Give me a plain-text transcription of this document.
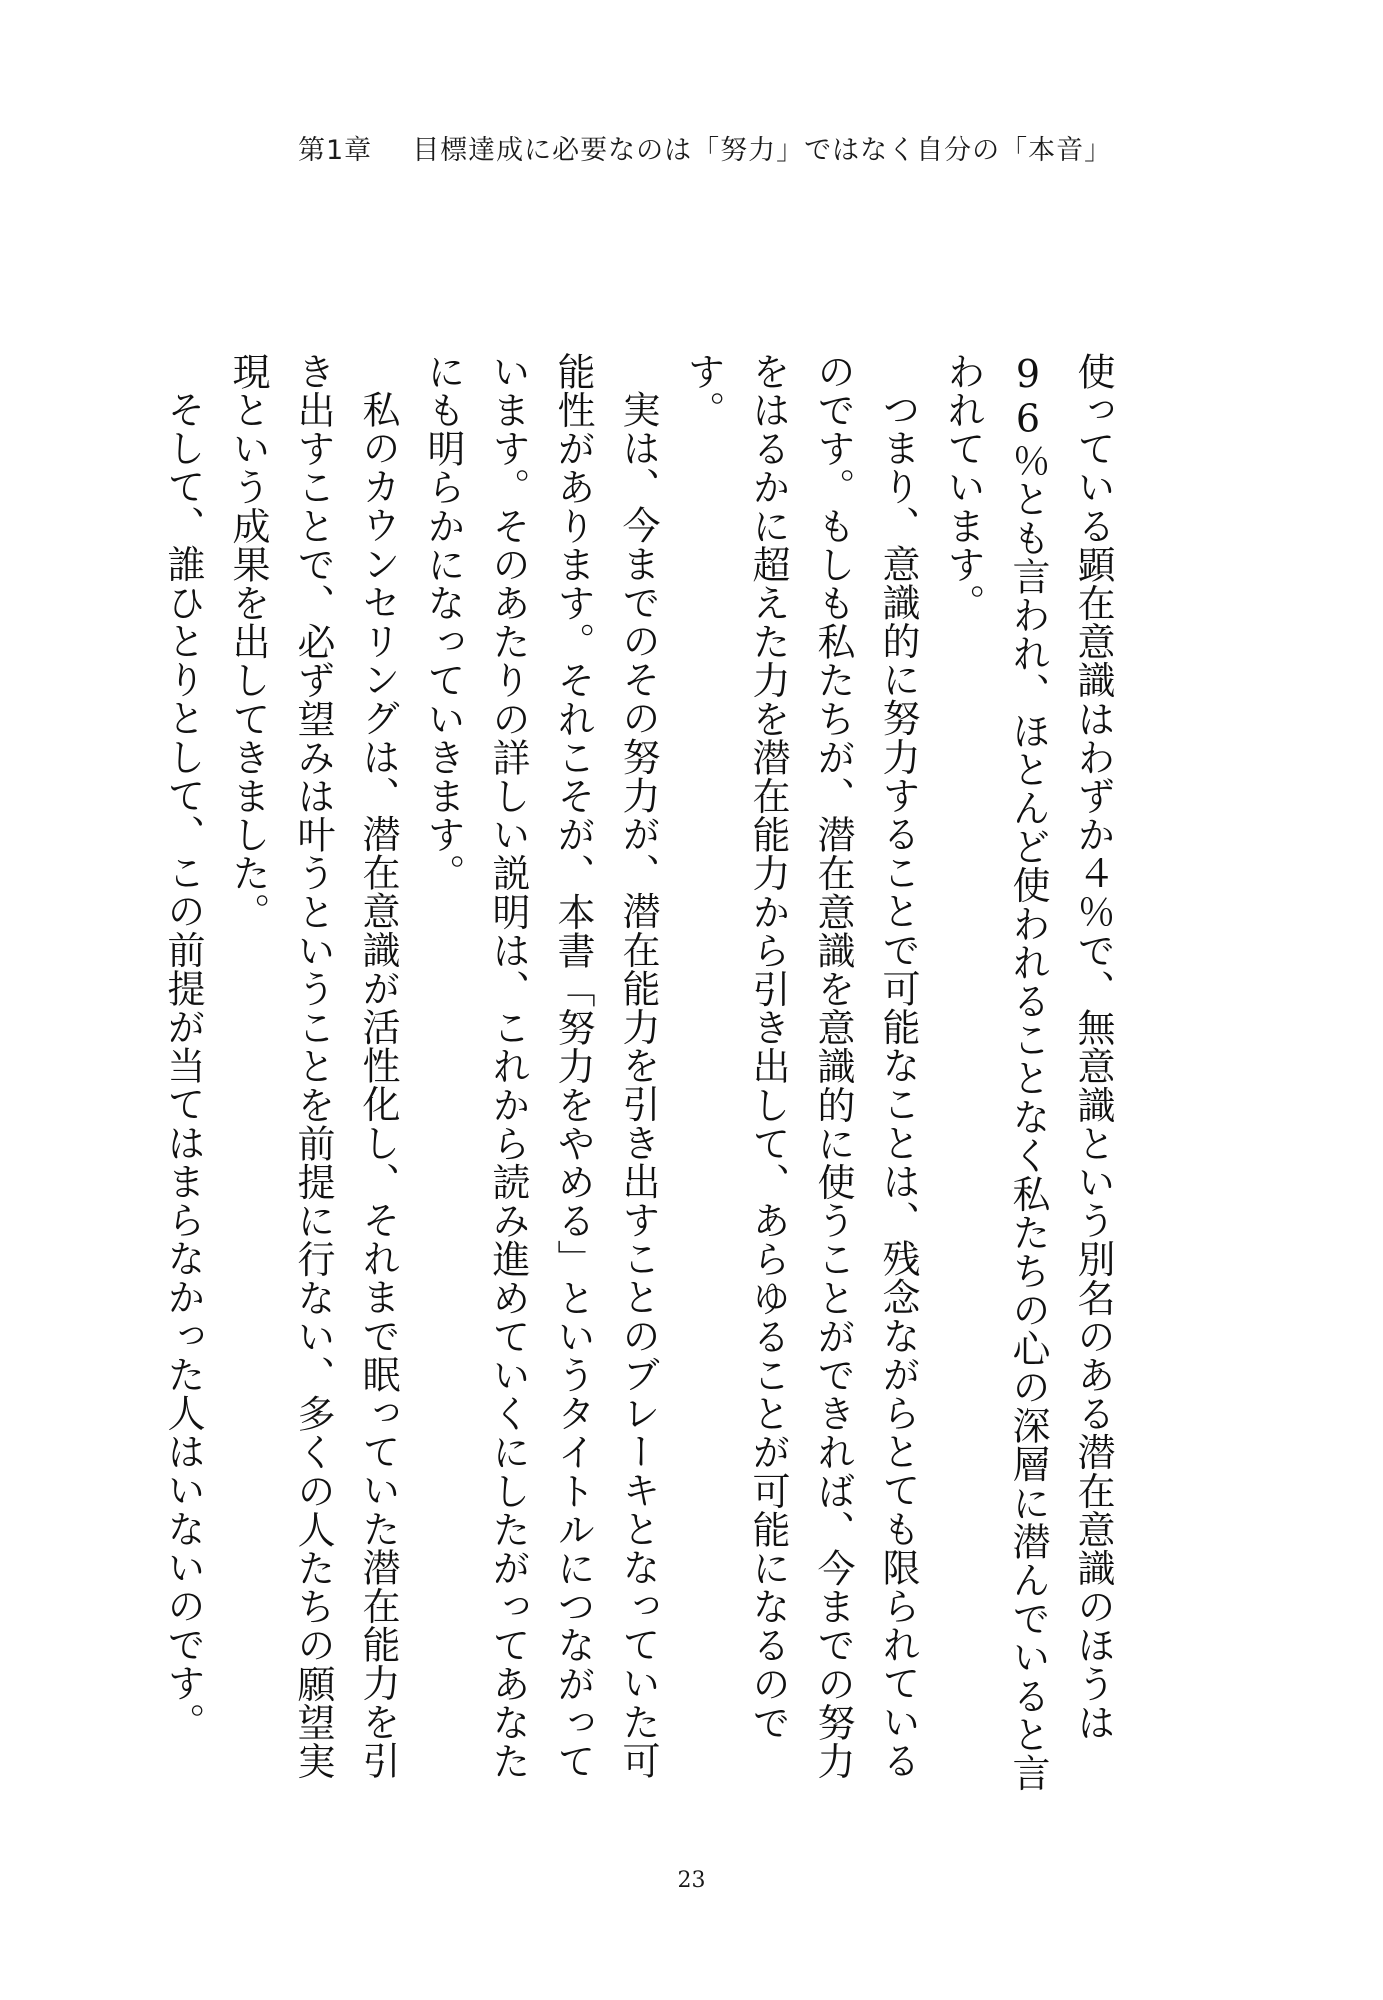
第1章 目標達成に必要なのは「努力」ではなく自分の「本音」

使っている顕在意識はわずか４％で、無意識という別名のある潜在意識のほうは96％とも言われ、ほとんど使われることなく私たちの心の深層に潜んでいると言われています。

つまり、意識的に努力することで可能なことは、残念ながらとても限られているのです。もしも私たちが、潜在意識を意識的に使うことができれば、今までの努力をはるかに超えた力を潜在能力から引き出して、あらゆることが可能になるのです。

実は、今までのその努力が、潜在能力を引き出すことのブレーキとなっていた可能性があります。それこそが、本書「努力をやめる」というタイトルにつながっています。そのあたりの詳しい説明は、これから読み進めていくにしたがってあなたにも明らかになっていきます。

私のカウンセリングは、潜在意識が活性化し、それまで眠っていた潜在能力を引き出すことで、必ず望みは叶うということを前提に行ない、多くの人たちの願望実現という成果を出してきました。

そして、誰ひとりとして、この前提が当てはまらなかった人はいないのです。

23
